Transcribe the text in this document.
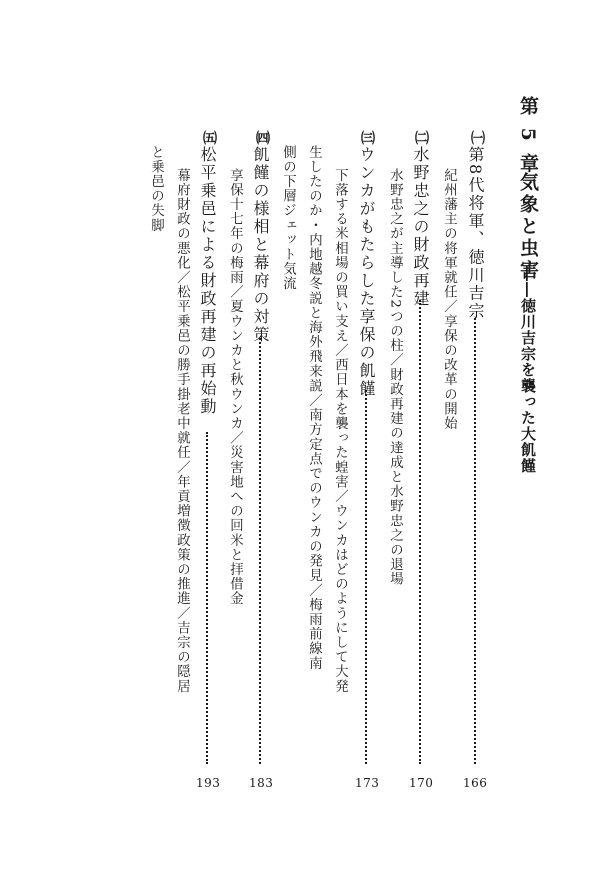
第 5 章
気象と虫害
――徳川吉宗を襲った大飢饉
㈠
第8代将軍、徳川吉宗
166
紀州藩主の将軍就任／享保の改革の開始
㈡
水野忠之の財政再建
170
水野忠之が主導した2つの柱／財政再建の達成と水野忠之の退場
㈢
ウンカがもたらした享保の飢饉
173
下落する米相場の買い支え／西日本を襲った蝗害／ウンカはどのようにして大発
生したのか・内地越冬説と海外飛来説／南方定点でのウンカの発見／梅雨前線南
側の下層ジェット気流
㈣
飢饉の様相と幕府の対策
183
享保十七年の梅雨／夏ウンカと秋ウンカ／災害地への回米と拝借金
㈤
松平乗邑による財政再建の再始動
193
幕府財政の悪化／松平乗邑の勝手掛老中就任／年貢増徴政策の推進／吉宗の隠居
と乗邑の失脚
